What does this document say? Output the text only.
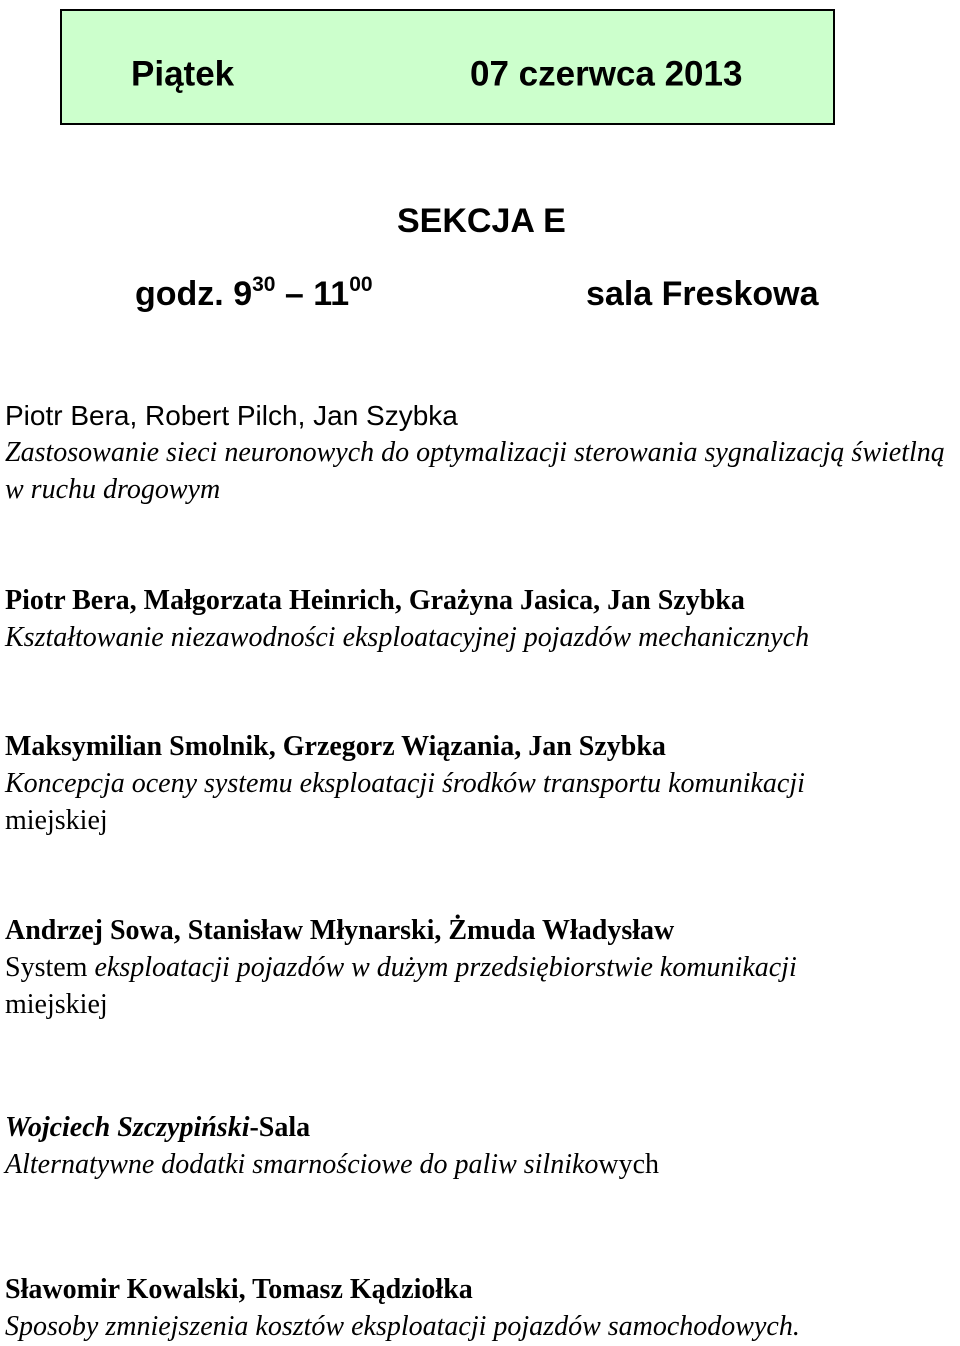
Piątek	07 czerwca 2013
SEKCJA E
godz. $9^{30} - 11^{00}$	sala Freskowa
Piotr Bera, Robert Pilch, Jan Szybka
Zastosowanie sieci neuronowych do optymalizacji sterowania sygnalizacją świetlną w ruchu drogowym
Piotr Bera, Małgorzata Heinrich, Grażyna Jasica, Jan Szybka
Kształtowanie niezawodności eksploatacyjnej pojazdów mechanicznych
Maksymilian Smolnik, Grzegorz Wiązania, Jan Szybka
Koncepcja oceny systemu eksploatacji środków transportu komunikacji
miejskiej
Andrzej Sowa, Stanisław Młynarski, Żmuda Władysław
System eksploatacji pojazdów w dużym przedsiębiorstwie komunikacji
miejskiej
Wojciech Szczypiński-Sala
Alternatywne dodatki smarnościowe do paliw silnikowych
Sławomir Kowalski, Tomasz Kądziołka
Sposoby zmniejszenia kosztów eksploatacji pojazdów samochodowych.
